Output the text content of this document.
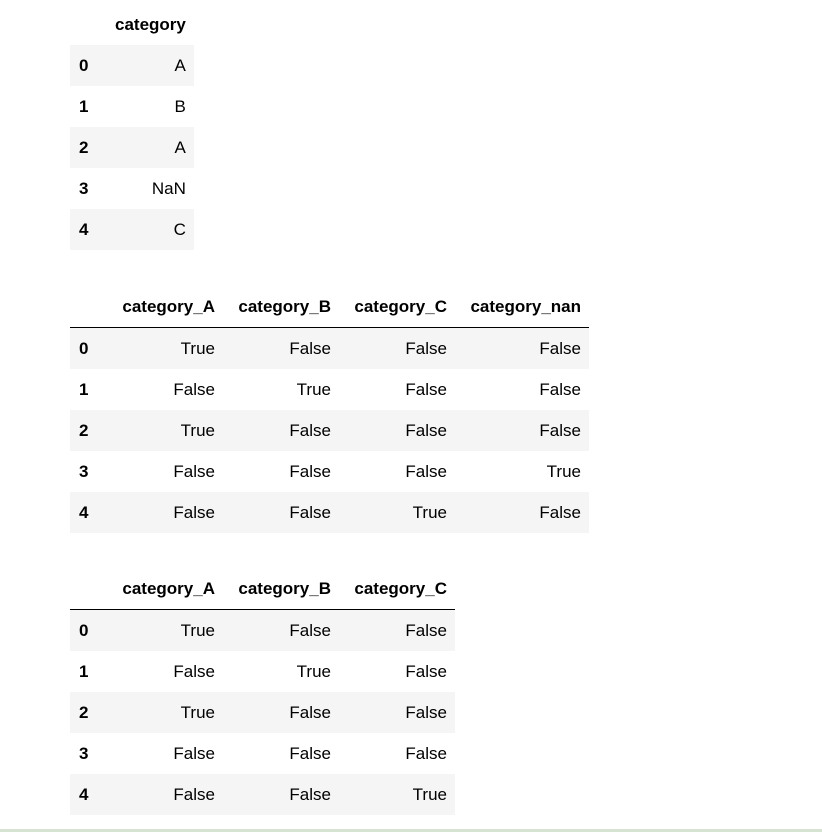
	category
0	A
1	B
2	A
3	NaN
4	C
	category_A	category_B	category_C	category_nan
0	True	False	False	False
1	False	True	False	False
2	True	False	False	False
3	False	False	False	True
4	False	False	True	False
	category_A	category_B	category_C
0	True	False	False
1	False	True	False
2	True	False	False
3	False	False	False
4	False	False	True
